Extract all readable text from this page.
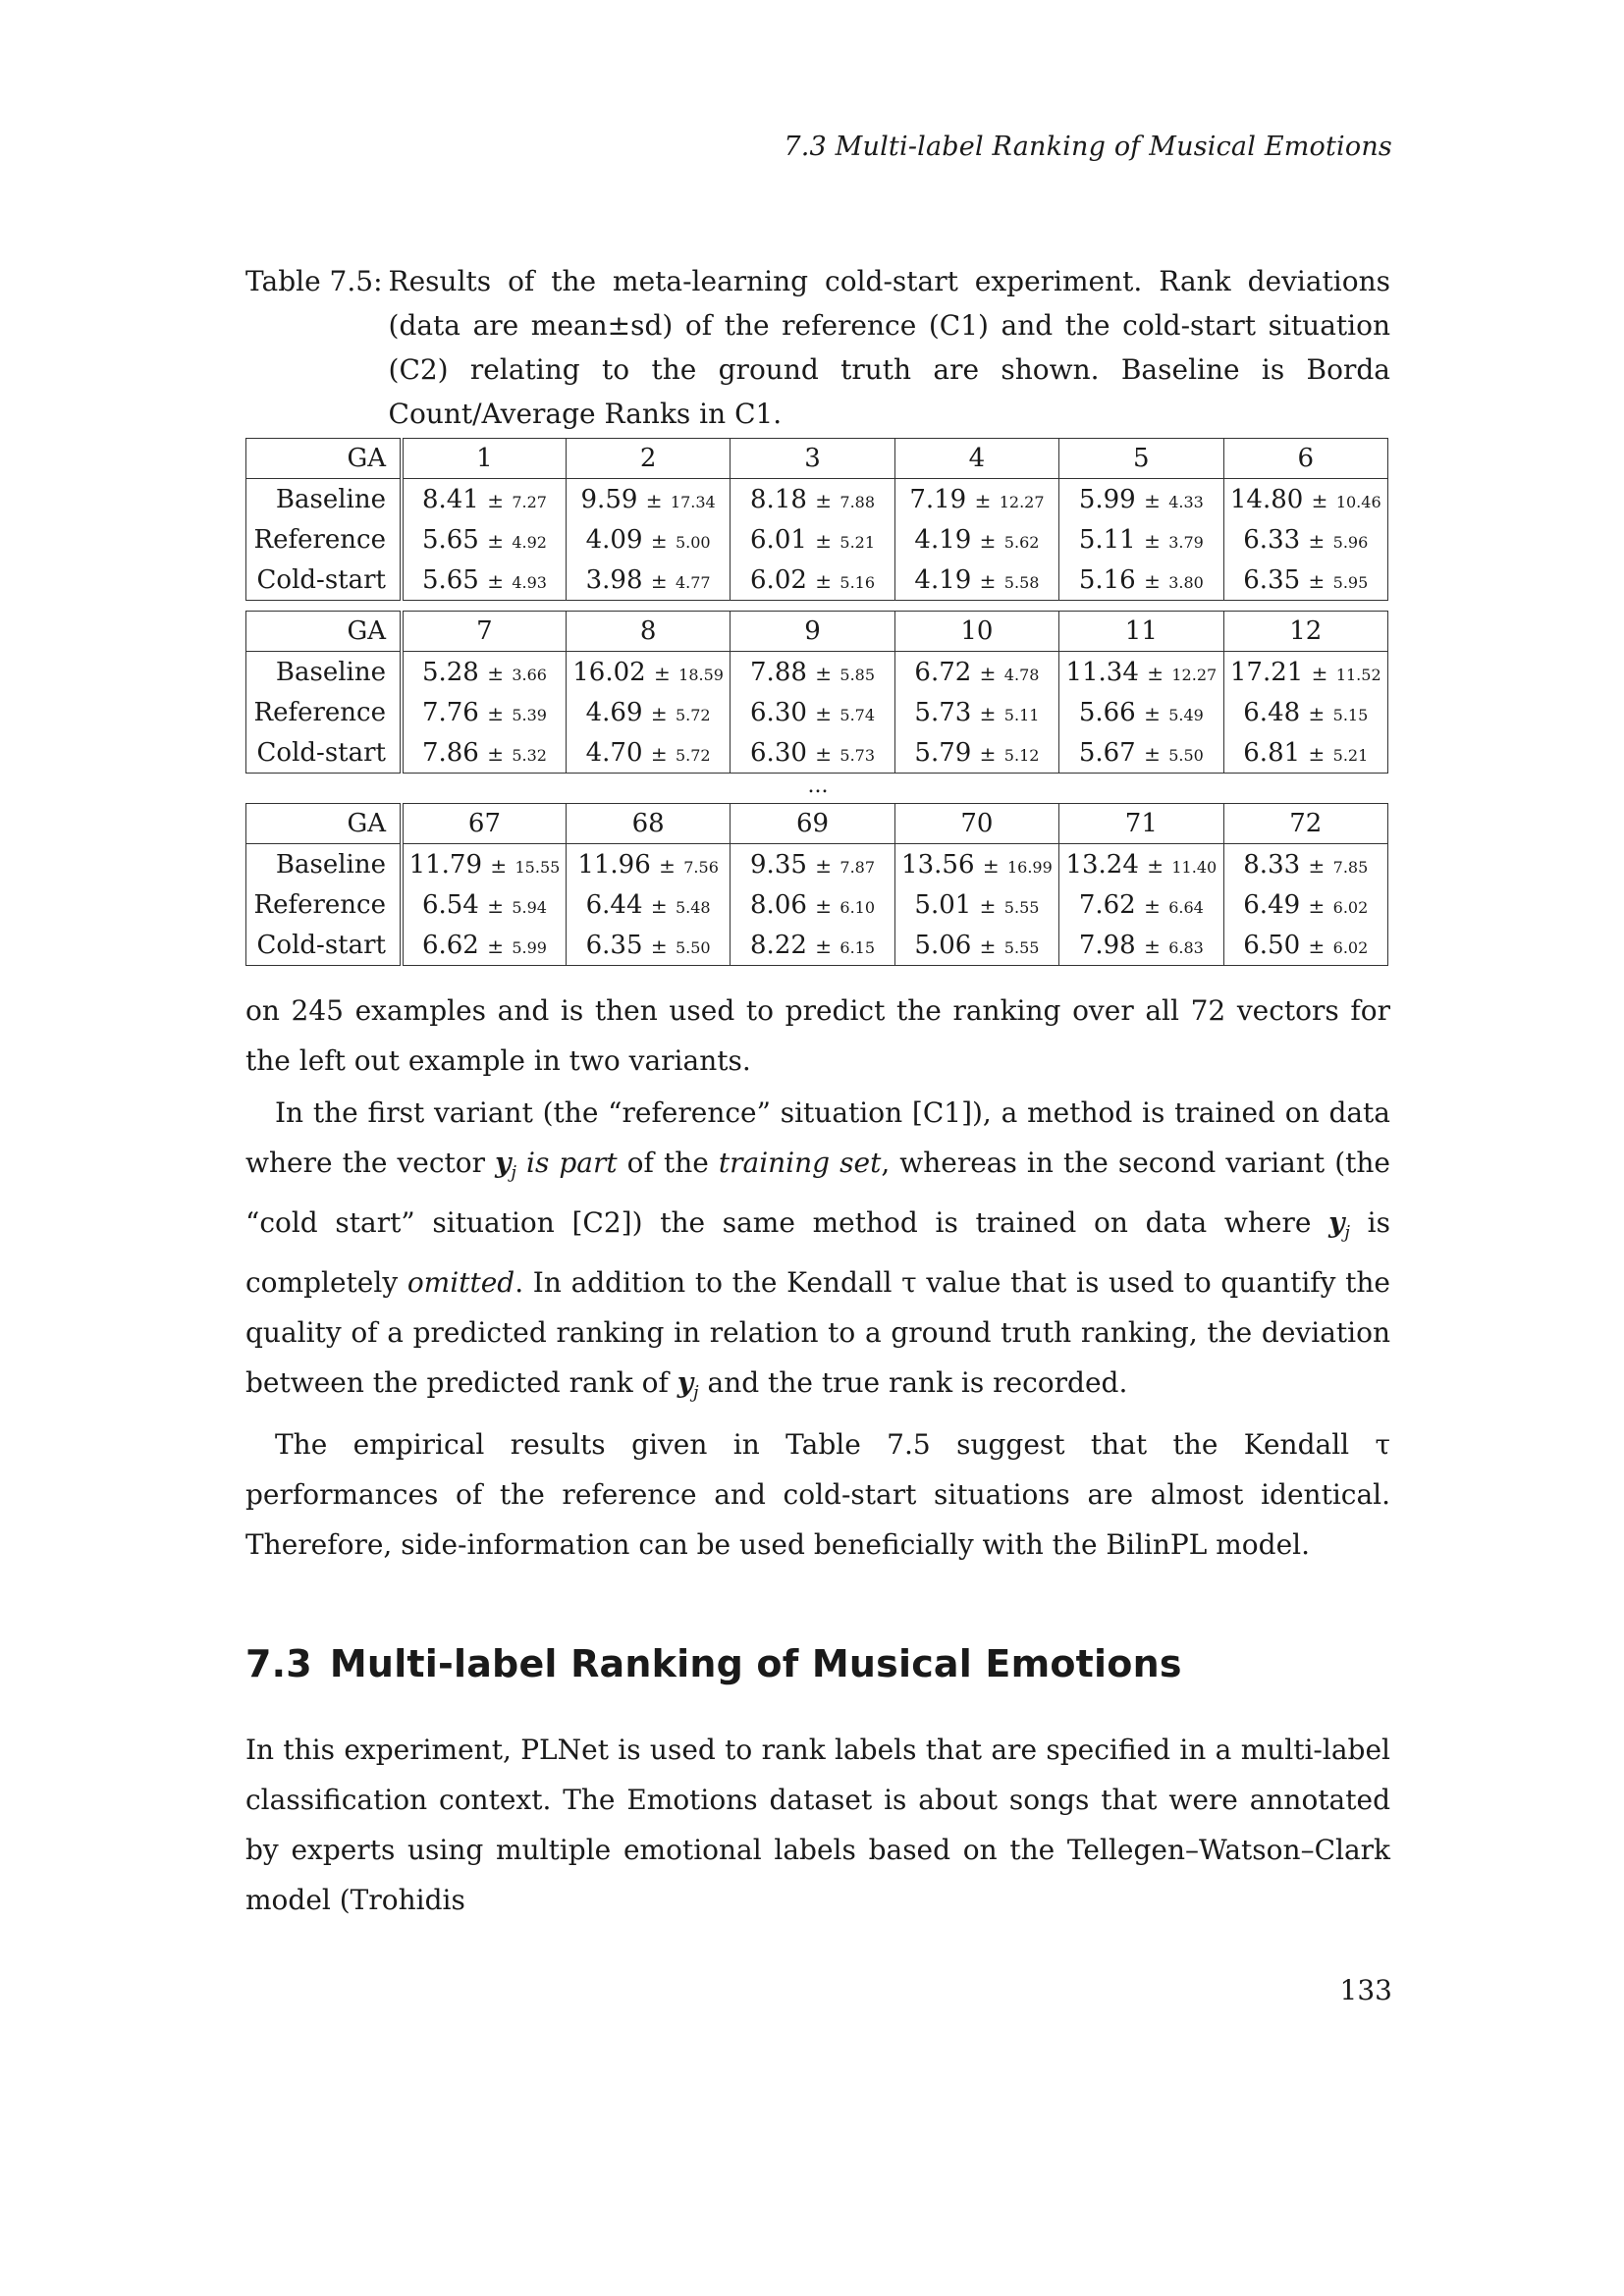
7.3 Multi-label Ranking of Musical Emotions
Table 7.5: Results of the meta-learning cold-start experiment. Rank deviations (data are mean±sd) of the reference (C1) and the cold-start situation (C2) relating to the ground truth are shown. Baseline is Borda Count/Average Ranks in C1.
GA	1	2	3	4	5	6
Baseline	8.41 ± 7.27	9.59 ± 17.34	8.18 ± 7.88	7.19 ± 12.27	5.99 ± 4.33	14.80 ± 10.46
Reference	5.65 ± 4.92	4.09 ± 5.00	6.01 ± 5.21	4.19 ± 5.62	5.11 ± 3.79	6.33 ± 5.96
Cold-start	5.65 ± 4.93	3.98 ± 4.77	6.02 ± 5.16	4.19 ± 5.58	5.16 ± 3.80	6.35 ± 5.95
GA	7	8	9	10	11	12
Baseline	5.28 ± 3.66	16.02 ± 18.59	7.88 ± 5.85	6.72 ± 4.78	11.34 ± 12.27	17.21 ± 11.52
Reference	7.76 ± 5.39	4.69 ± 5.72	6.30 ± 5.74	5.73 ± 5.11	5.66 ± 5.49	6.48 ± 5.15
Cold-start	7.86 ± 5.32	4.70 ± 5.72	6.30 ± 5.73	5.79 ± 5.12	5.67 ± 5.50	6.81 ± 5.21
...
GA	67	68	69	70	71	72
Baseline	11.79 ± 15.55	11.96 ± 7.56	9.35 ± 7.87	13.56 ± 16.99	13.24 ± 11.40	8.33 ± 7.85
Reference	6.54 ± 5.94	6.44 ± 5.48	8.06 ± 6.10	5.01 ± 5.55	7.62 ± 6.64	6.49 ± 6.02
Cold-start	6.62 ± 5.99	6.35 ± 5.50	8.22 ± 6.15	5.06 ± 5.55	7.98 ± 6.83	6.50 ± 6.02

on 245 examples and is then used to predict the ranking over all 72 vectors for the left out example in two variants.

In the first variant (the “reference” situation [C1]), a method is trained on data where the vector $y_j$ is part of the training set, whereas in the second variant (the “cold start” situation [C2]) the same method is trained on data where $y_j$ is completely omitted. In addition to the Kendall τ value that is used to quantify the quality of a predicted ranking in relation to a ground truth ranking, the deviation between the predicted rank of $y_j$ and the true rank is recorded.

The empirical results given in Table 7.5 suggest that the Kendall τ performances of the reference and cold-start situations are almost identical. Therefore, side-information can be used beneficially with the BilinPL model.

7.3 Multi-label Ranking of Musical Emotions

In this experiment, PLNet is used to rank labels that are specified in a multi-label classification context. The Emotions dataset is about songs that were annotated by experts using multiple emotional labels based on the Tellegen–Watson–Clark model (Trohidis

133
